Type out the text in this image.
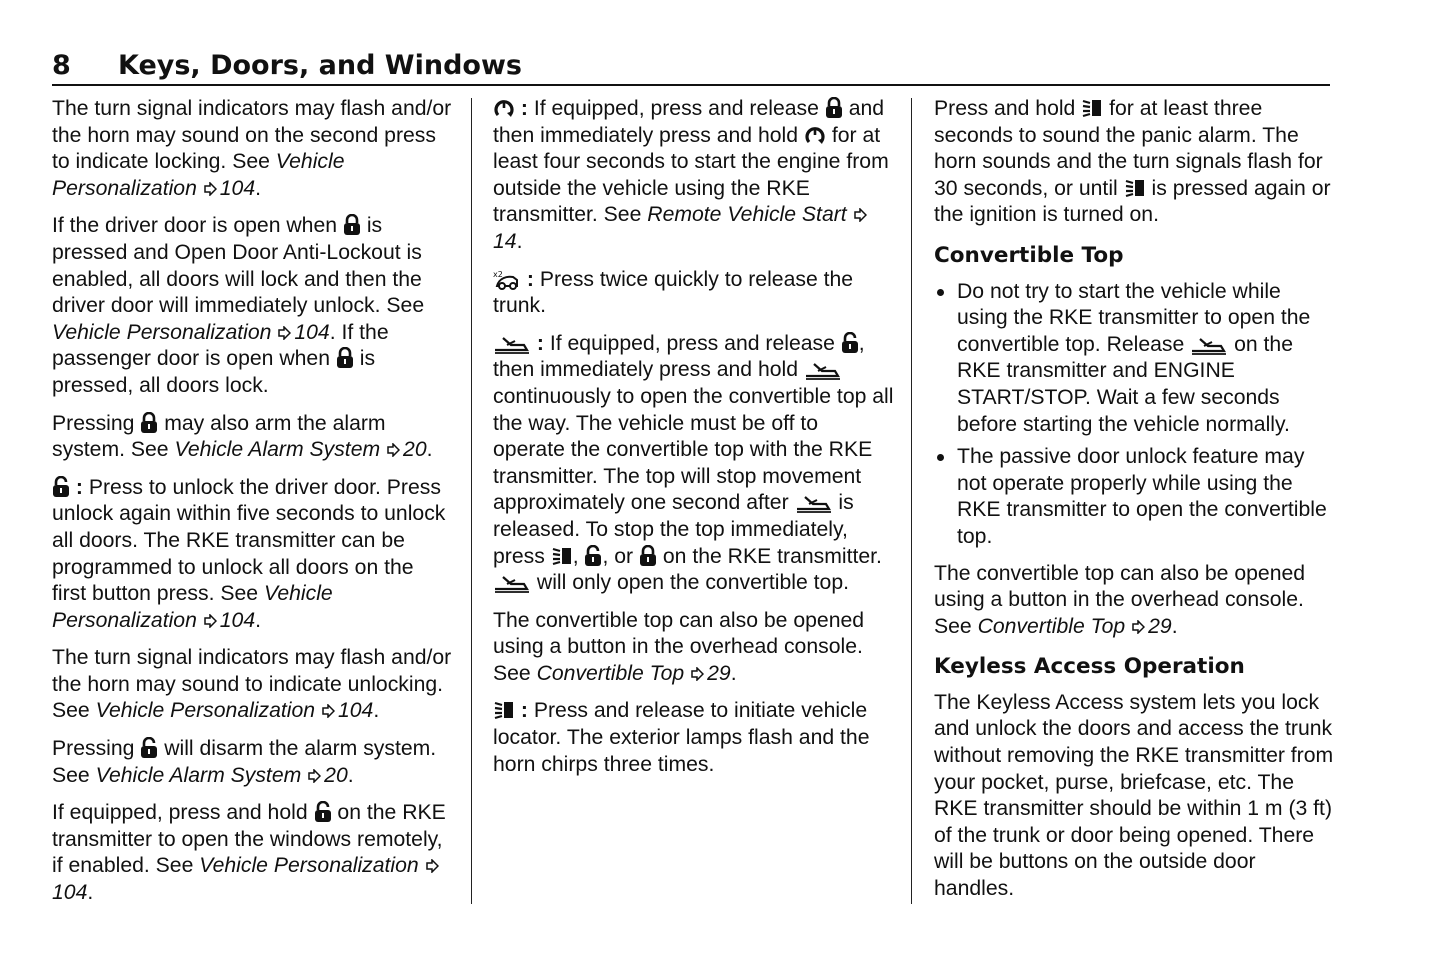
8 Keys, Doors, and Windows

The turn signal indicators may flash and/or the horn may sound on the second press to indicate locking. See Vehicle Personalization 104.

If the driver door is open when is pressed and Open Door Anti-Lockout is enabled, all doors will lock and then the driver door will immediately unlock. See Vehicle Personalization 104. If the passenger door is open when is pressed, all doors lock.

Pressing may also arm the alarm system. See Vehicle Alarm System 20.

: Press to unlock the driver door. Press unlock again within five seconds to unlock all doors. The RKE transmitter can be programmed to unlock all doors on the first button press. See Vehicle Personalization 104.

The turn signal indicators may flash and/or the horn may sound to indicate unlocking. See Vehicle Personalization 104.

Pressing will disarm the alarm system. See Vehicle Alarm System 20.

If equipped, press and hold on the RKE transmitter to open the windows remotely, if enabled. See Vehicle Personalization 104.

: If equipped, press and release and then immediately press and hold for at least four seconds to start the engine from outside the vehicle using the RKE transmitter. See Remote Vehicle Start 14.

: Press twice quickly to release the trunk.

: If equipped, press and release , then immediately press and hold
continuously to open the convertible top all the way. The vehicle must be off to operate the convertible top with the RKE transmitter. The top will stop movement approximately one second after is released. To stop the top immediately, press , , or on the RKE transmitter.
will only open the convertible top.

The convertible top can also be opened using a button in the overhead console. See Convertible Top 29.

: Press and release to initiate vehicle locator. The exterior lamps flash and the horn chirps three times.

Press and hold for at least three seconds to sound the panic alarm. The horn sounds and the turn signals flash for 30 seconds, or until is pressed again or the ignition is turned on.

Convertible Top
Do not try to start the vehicle while using the RKE transmitter to open the convertible top. Release on the RKE transmitter and ENGINE START/STOP. Wait a few seconds before starting the vehicle normally.
The passive door unlock feature may not operate properly while using the RKE transmitter to open the convertible top.

The convertible top can also be opened using a button in the overhead console. See Convertible Top 29.

Keyless Access Operation

The Keyless Access system lets you lock and unlock the doors and access the trunk without removing the RKE transmitter from your pocket, purse, briefcase, etc. The RKE transmitter should be within 1 m (3 ft) of the trunk or door being opened. There will be buttons on the outside door handles.
